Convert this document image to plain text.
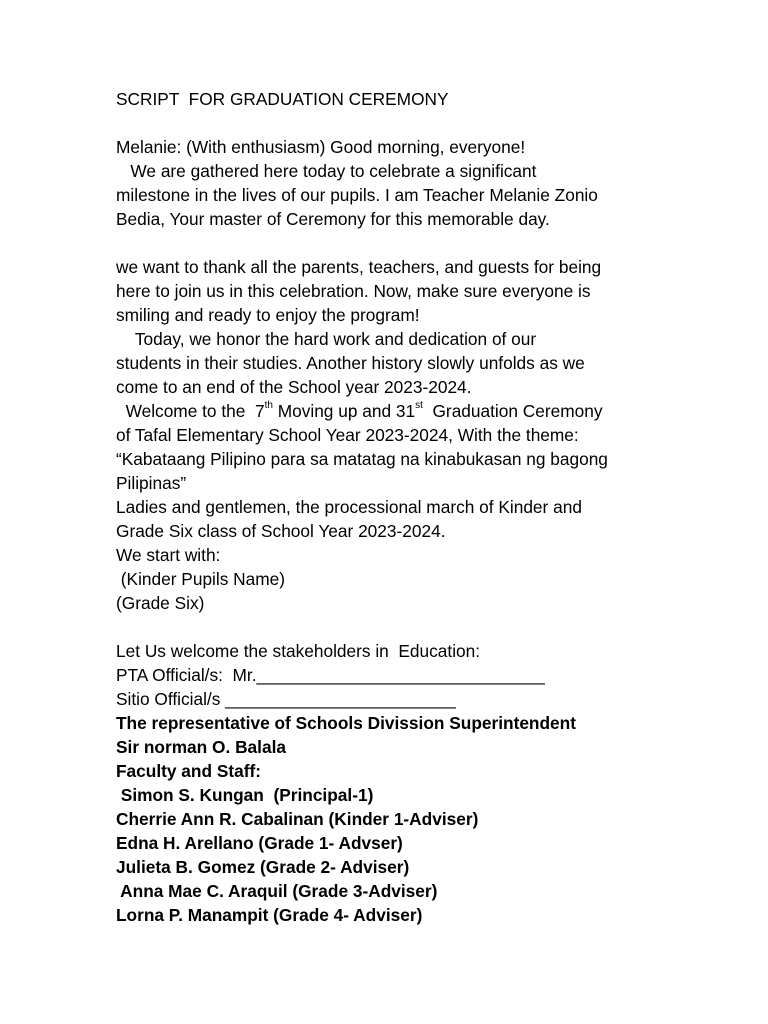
SCRIPT  FOR GRADUATION CEREMONY
Melanie: (With enthusiasm) Good morning, everyone!
We are gathered here today to celebrate a significant
milestone in the lives of our pupils. I am Teacher Melanie Zonio
Bedia, Your master of Ceremony for this memorable day.
we want to thank all the parents, teachers, and guests for being
here to join us in this celebration. Now, make sure everyone is
smiling and ready to enjoy the program!
Today, we honor the hard work and dedication of our
students in their studies. Another history slowly unfolds as we
come to an end of the School year 2023-2024.
Welcome to the  7th Moving up and 31st  Graduation Ceremony
of Tafal Elementary School Year 2023-2024, With the theme:
“Kabataang Pilipino para sa matatag na kinabukasan ng bagong
Pilipinas”
Ladies and gentlemen, the processional march of Kinder and
Grade Six class of School Year 2023-2024.
We start with:
(Kinder Pupils Name)
(Grade Six)
Let Us welcome the stakeholders in  Education:
PTA Official/s:  Mr.______________________________
Sitio Official/s ________________________
The representative of Schools Divission Superintendent
Sir norman O. Balala
Faculty and Staff:
Simon S. Kungan  (Principal-1)
Cherrie Ann R. Cabalinan (Kinder 1-Adviser)
Edna H. Arellano (Grade 1- Advser)
Julieta B. Gomez (Grade 2- Adviser)
Anna Mae C. Araquil (Grade 3-Adviser)
Lorna P. Manampit (Grade 4- Adviser)
